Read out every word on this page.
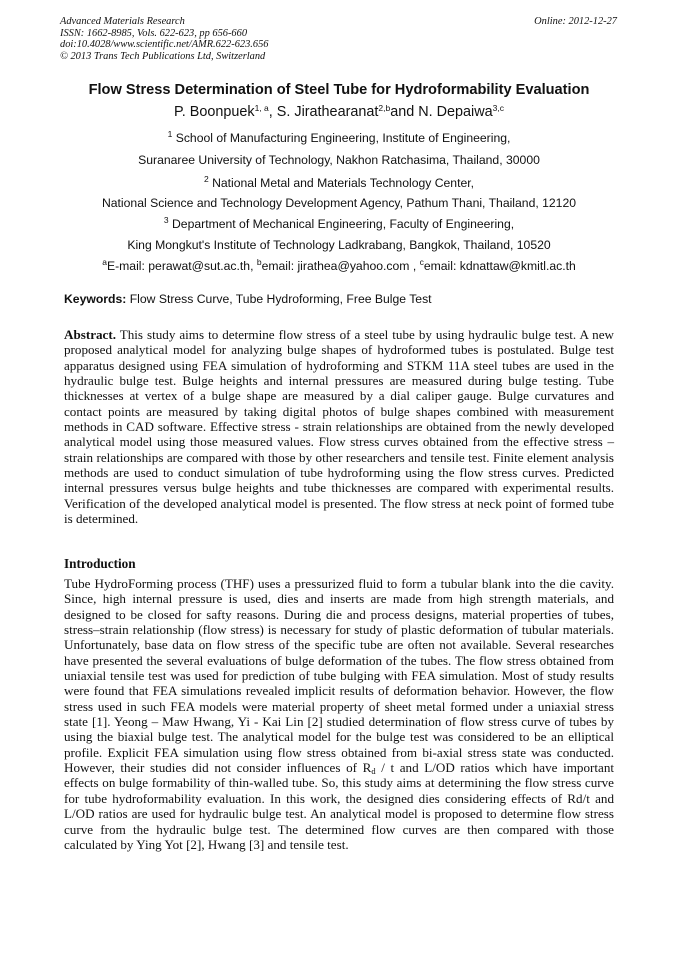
Advanced Materials Research
ISSN: 1662-8985, Vols. 622-623, pp 656-660
doi:10.4028/www.scientific.net/AMR.622-623.656
© 2013 Trans Tech Publications Ltd, Switzerland
Online: 2012-12-27
Flow Stress Determination of Steel Tube for Hydroformability Evaluation
P. Boonpuek$^{1, a}$, S. Jirathearanat$^{2,b}$and N. Depaiwa$^{3,c}$
$^1$ School of Manufacturing Engineering, Institute of Engineering,
Suranaree University of Technology, Nakhon Ratchasima, Thailand, 30000
$^2$ National Metal and Materials Technology Center,
National Science and Technology Development Agency, Pathum Thani, Thailand, 12120
$^3$ Department of Mechanical Engineering, Faculty of Engineering,
King Mongkut's Institute of Technology Ladkrabang, Bangkok, Thailand, 10520
$^a$E-mail: perawat@sut.ac.th, $^b$email: jirathea@yahoo.com , $^c$email: kdnattaw@kmitl.ac.th
Keywords: Flow Stress Curve, Tube Hydroforming, Free Bulge Test
Abstract. This study aims to determine flow stress of a steel tube by using hydraulic bulge test. A new proposed analytical model for analyzing bulge shapes of hydroformed tubes is postulated. Bulge test apparatus designed using FEA simulation of hydroforming and STKM 11A steel tubes are used in the hydraulic bulge test. Bulge heights and internal pressures are measured during bulge testing. Tube thicknesses at vertex of a bulge shape are measured by a dial caliper gauge. Bulge curvatures and contact points are measured by taking digital photos of bulge shapes combined with measurement methods in CAD software. Effective stress - strain relationships are obtained from the newly developed analytical model using those measured values. Flow stress curves obtained from the effective stress – strain relationships are compared with those by other researchers and tensile test. Finite element analysis methods are used to conduct simulation of tube hydroforming using the flow stress curves. Predicted internal pressures versus bulge heights and tube thicknesses are compared with experimental results. Verification of the developed analytical model is presented. The flow stress at neck point of formed tube is determined.
Introduction
Tube HydroForming process (THF) uses a pressurized fluid to form a tubular blank into the die cavity. Since, high internal pressure is used, dies and inserts are made from high strength materials, and designed to be closed for safty reasons. During die and process designs, material properties of tubes, stress–strain relationship (flow stress) is necessary for study of plastic deformation of tubular materials. Unfortunately, base data on flow stress of the specific tube are often not available. Several researches have presented the several evaluations of bulge deformation of the tubes. The flow stress obtained from uniaxial tensile test was used for prediction of tube bulging with FEA simulation. Most of study results were found that FEA simulations revealed implicit results of deformation behavior. However, the flow stress used in such FEA models were material property of sheet metal formed under a uniaxial stress state [1]. Yeong – Maw Hwang, Yi - Kai Lin [2] studied determination of flow stress curve of tubes by using the biaxial bulge test. The analytical model for the bulge test was considered to be an elliptical profile. Explicit FEA simulation using flow stress obtained from bi-axial stress state was conducted. However, their studies did not consider influences of $R_d$ / t and L/OD ratios which have important effects on bulge formability of thin-walled tube. So, this study aims at determining the flow stress curve for tube hydroformability evaluation. In this work, the designed dies considering effects of Rd/t and L/OD ratios are used for hydraulic bulge test. An analytical model is proposed to determine flow stress curve from the hydraulic bulge test. The determined flow curves are then compared with those calculated by Ying Yot [2], Hwang [3] and tensile test.
